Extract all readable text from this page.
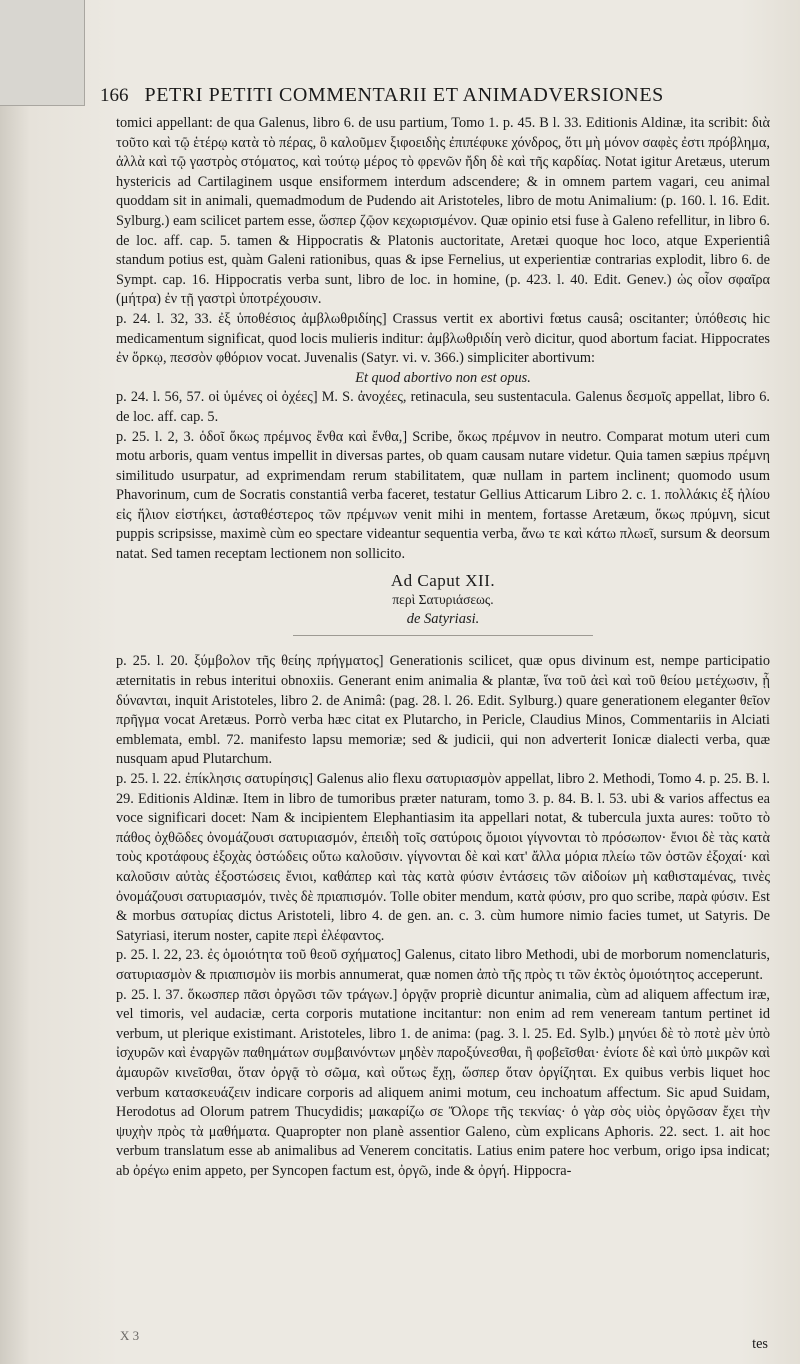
166 PETRI PETITI COMMENTARII ET ANIMADVERSIONES

tomici appellant: de qua Galenus, libro 6. de usu partium, Tomo 1. p. 45. B l. 33. Editionis Aldinæ, ita scribit: διὰ τοῦτο καὶ τῷ ἑτέρῳ κατὰ τὸ πέρας, ὃ καλοῦμεν ξιφοειδὴς ἐπιπέφυκε χόνδρος, ὅτι μὴ μόνον σαφὲς ἐστι πρόβλημα, ἀλλὰ καὶ τῷ γαστρὸς στόματος, καὶ τούτῳ μέρος τὸ φρενῶν ἤδη δὲ καὶ τῆς καρδίας. Notat igitur Aretæus, uterum hystericis ad Cartilaginem usque ensiformem interdum adscendere; & in omnem partem vagari, ceu animal quoddam sit in animali, quemadmodum de Pudendo ait Aristoteles, libro de motu Animalium: (p. 160. l. 16. Edit. Sylburg.) eam scilicet partem esse, ὥσπερ ζῷον κεχωρισμένον. Quæ opinio etsi fuse à Galeno refellitur, in libro 6. de loc. aff. cap. 5. tamen & Hippocratis & Platonis auctoritate, Aretæi quoque hoc loco, atque Experientiâ standum potius est, quàm Galeni rationibus, quas & ipse Fernelius, ut experientiæ contrarias explodit, libro 6. de Sympt. cap. 16. Hippocratis verba sunt, libro de loc. in homine, (p. 423. l. 40. Edit. Genev.) ὡς οἷον σφαῖρα (μήτρα) ἐν τῇ γαστρὶ ὑποτρέχουσιν.

p. 24. l. 32, 33. ἐξ ὑποθέσιος ἀμβλωθριδίης] Crassus vertit ex abortivi fœtus causâ; oscitanter; ὑπόθεσις hic medicamentum significat, quod locis mulieris inditur: ἀμβλωθριδίη verò dicitur, quod abortum faciat. Hippocrates ἐν ὅρκῳ, πεσσὸν φθόριον vocat. Juvenalis (Satyr. vi. v. 366.) simpliciter abortivum:

Et quod abortivo non est opus.

p. 24. l. 56, 57. οἱ ὑμένες οἱ ὀχέες] M. S. ἀνοχέες, retinacula, seu sustentacula. Galenus δεσμοῖς appellat, libro 6. de loc. aff. cap. 5.

p. 25. l. 2, 3. ὁδοῖ ὅκως πρέμνος ἔνθα καὶ ἔνθα,] Scribe, ὅκως πρέμνον in neutro. Comparat motum uteri cum motu arboris, quam ventus impellit in diversas partes, ob quam causam nutare videtur. Quia tamen sæpius πρέμνη similitudo usurpatur, ad exprimendam rerum stabilitatem, quæ nullam in partem inclinent; quomodo usum Phavorinum, cum de Socratis constantiâ verba faceret, testatur Gellius Atticarum Libro 2. c. 1. πολλάκις ἐξ ἡλίου εἰς ἥλιον εἱστήκει, ἀσταθέστερος τῶν πρέμνων venit mihi in mentem, fortasse Aretæum, ὅκως πρύμνη, sicut puppis scripsisse, maximè cùm eo spectare videantur sequentia verba, ἄνω τε καὶ κάτω πλωεῖ, sursum & deorsum natat. Sed tamen receptam lectionem non sollicito.

Ad Caput XII.
περὶ Σατυριάσεως.
de Satyriasi.

p. 25. l. 20. ξύμβολον τῆς θείης πρήγματος] Generationis scilicet, quæ opus divinum est, nempe participatio æternitatis in rebus interitui obnoxiis. Generant enim animalia & plantæ, ἵνα τοῦ ἀεὶ καὶ τοῦ θείου μετέχωσιν, ᾗ δύνανται, inquit Aristoteles, libro 2. de Animâ: (pag. 28. l. 26. Edit. Sylburg.) quare generationem eleganter θεῖον πρῆγμα vocat Aretæus. Porrò verba hæc citat ex Plutarcho, in Pericle, Claudius Minos, Commentariis in Alciati emblemata, embl. 72. manifesto lapsu memoriæ; sed & judicii, qui non adverterit Ionicæ dialecti verba, quæ nusquam apud Plutarchum.

p. 25. l. 22. ἐπίκλησις σατυρίησις] Galenus alio flexu σατυριασμὸν appellat, libro 2. Methodi, Tomo 4. p. 25. B. l. 29. Editionis Aldinæ. Item in libro de tumoribus præter naturam, tomo 3. p. 84. B. l. 53. ubi & varios affectus ea voce significari docet: Nam & incipientem Elephantiasim ita appellari notat, & tubercula juxta aures: τοῦτο τὸ πάθος ὀχθῶδες ὀνομάζουσι σατυριασμόν, ἐπειδὴ τοῖς σατύροις ὅμοιοι γίγνονται τὸ πρόσωπον· ἔνιοι δὲ τὰς κατὰ τοὺς κροτάφους ἐξοχὰς ὀστώδεις οὕτω καλοῦσιν. γίγνονται δὲ καὶ κατ' ἄλλα μόρια πλείω τῶν ὀστῶν ἐξοχαί· καὶ καλοῦσιν αὐτὰς ἐξοστώσεις ἔνιοι, καθάπερ καὶ τὰς κατὰ φύσιν ἐντάσεις τῶν αἰδοίων μὴ καθισταμένας, τινὲς ὀνομάζουσι σατυριασμόν, τινὲς δὲ πριαπισμόν. Tolle obiter mendum, κατὰ φύσιν, pro quo scribe, παρὰ φύσιν. Est & morbus σατυρίας dictus Aristoteli, libro 4. de gen. an. c. 3. cùm humore nimio facies tumet, ut Satyris. De Satyriasi, iterum noster, capite περὶ ἐλέφαντος.

p. 25. l. 22, 23. ἐς ὁμοιότητα τοῦ θεοῦ σχήματος] Galenus, citato libro Methodi, ubi de morborum nomenclaturis, σατυριασμὸν & πριαπισμὸν iis morbis annumerat, quæ nomen ἀπὸ τῆς πρὸς τι τῶν ἐκτὸς ὁμοιότητος acceperunt.

p. 25. l. 37. ὅκωσπερ πᾶσι ὀργῶσι τῶν τράγων.] ὀργᾷν propriè dicuntur animalia, cùm ad aliquem affectum iræ, vel timoris, vel audaciæ, certa corporis mutatione incitantur: non enim ad rem veneream tantum pertinet id verbum, ut plerique existimant. Aristoteles, libro 1. de anima: (pag. 3. l. 25. Ed. Sylb.) μηνύει δὲ τὸ ποτὲ μὲν ὑπὸ ἰσχυρῶν καὶ ἐναργῶν παθημάτων συμβαινόντων μηδὲν παροξύνεσθαι, ἢ φοβεῖσθαι· ἐνίοτε δὲ καὶ ὑπὸ μικρῶν καὶ ἀμαυρῶν κινεῖσθαι, ὅταν ὀργᾷ τὸ σῶμα, καὶ οὕτως ἔχῃ, ὥσπερ ὅταν ὀργίζηται. Ex quibus verbis liquet hoc verbum κατασκευάζειν indicare corporis ad aliquem animi motum, ceu inchoatum affectum. Sic apud Suidam, Herodotus ad Olorum patrem Thucydidis; μακαρίζω σε Ὄλορε τῆς τεκνίας· ὁ γὰρ σὸς υἱὸς ὀργῶσαν ἔχει τὴν ψυχὴν πρὸς τὰ μαθήματα. Quapropter non planè assentior Galeno, cùm explicans Aphoris. 22. sect. 1. ait hoc verbum translatum esse ab animalibus ad Venerem concitatis. Latius enim patere hoc verbum, origo ipsa indicat; ab ὀρέγω enim appeto, per Syncopen factum est, ὀργῶ, inde & ὀργή. Hippocra-

X 3
tes
